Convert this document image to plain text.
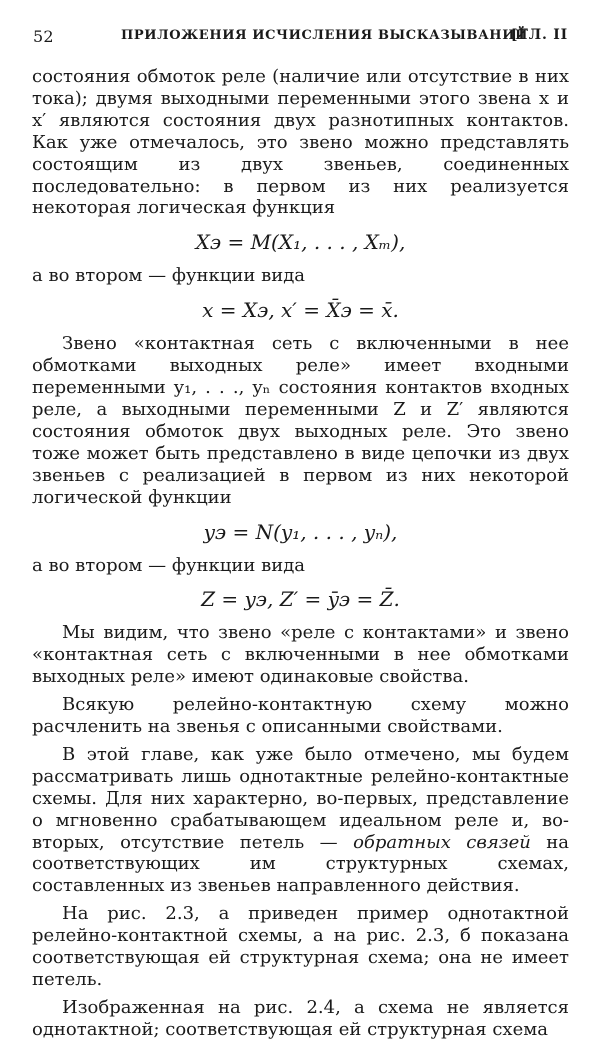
52	ПРИЛОЖЕНИЯ ИСЧИСЛЕНИЯ ВЫСКАЗЫВАНИЙ
[ГЛ. II

состояния обмоток реле (наличие или отсутствие в них тока); двумя выходными переменными этого звена x и x′ являются состояния двух разнотипных контактов. Как уже отмечалось, это звено можно представлять состоящим из двух звеньев, соединенных последовательно: в первом из них реализуется некоторая логическая функция

Xэ = M(X₁, . . . , Xₘ),

а во втором — функции вида

x = Xэ, x′ = X̄э = x̄.

Звено «контактная сеть с включенными в нее обмотками выходных реле» имеет входными переменными y₁, . . ., yₙ состояния контактов входных реле, а выходными переменными Z и Z′ являются состояния обмоток двух выходных реле. Это звено тоже может быть представлено в виде цепочки из двух звеньев с реализацией в первом из них некоторой логической функции

yэ = N(y₁, . . . , yₙ),

а во втором — функции вида

Z = yэ, Z′ = ȳэ = Z̄.

Мы видим, что звено «реле с контактами» и звено «контактная сеть с включенными в нее обмотками выходных реле» имеют одинаковые свойства.

Всякую релейно-контактную схему можно расчленить на звенья с описанными свойствами.

В этой главе, как уже было отмечено, мы будем рассматривать лишь однотактные релейно-контактные схемы. Для них характерно, во-первых, представление о мгновенно срабатывающем идеальном реле и, во-вторых, отсутствие петель — обратных связей на соответствующих им структурных схемах, составленных из звеньев направленного действия.

На рис. 2.3, а приведен пример однотактной релейно-контактной схемы, а на рис. 2.3, б показана соответствующая ей структурная схема; она не имеет петель.

Изображенная на рис. 2.4, а схема не является однотактной; соответствующая ей структурная схема
